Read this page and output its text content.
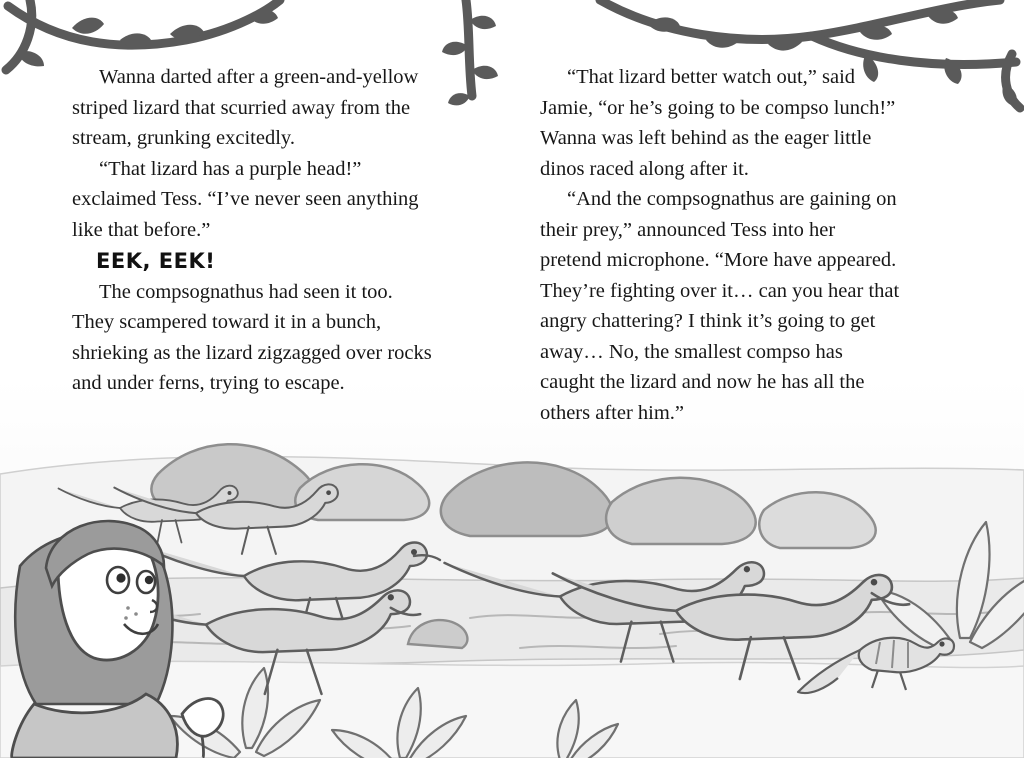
Wanna darted after a green-and-yellow striped lizard that scurried away from the stream, grunking excitedly.

“That lizard has a purple head!” exclaimed Tess. “I’ve never seen anything like that before.”

EEK, EEK!

The compsognathus had seen it too. They scampered toward it in a bunch, shrieking as the lizard zigzagged over rocks and under ferns, trying to escape.

“That lizard better watch out,” said Jamie, “or he’s going to be compso lunch!” Wanna was left behind as the eager little dinos raced along after it.

“And the compsognathus are gaining on their prey,” announced Tess into her pretend microphone. “More have appeared. They’re fighting over it… can you hear that angry chattering? I think it’s going to get away… No, the smallest compso has caught the lizard and now he has all the others after him.”
